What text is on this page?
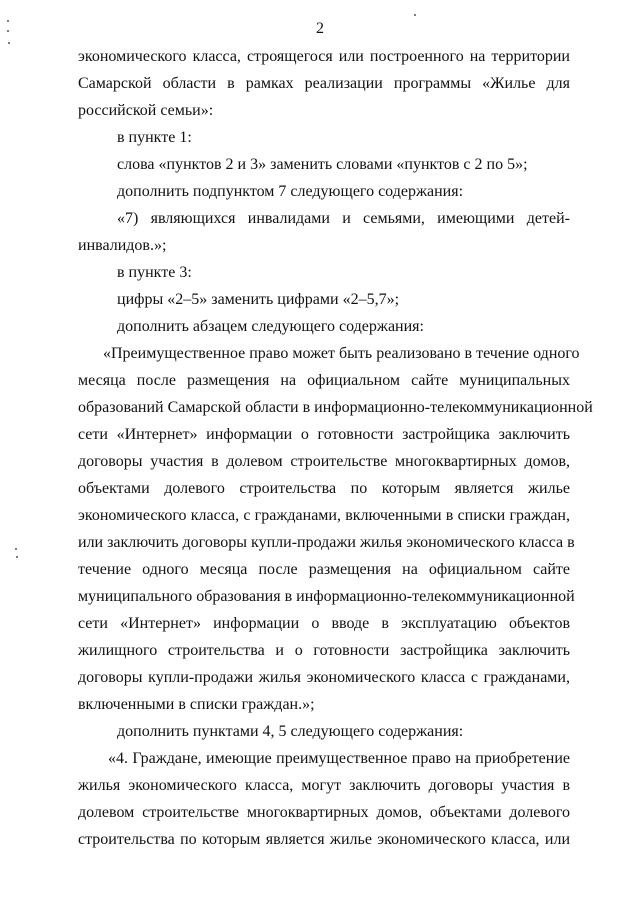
2
экономического класса, строящегося или построенного на территории
Самарской области в рамках реализации программы «Жилье для
российской семьи»:
в пункте 1:
слова «пунктов 2 и 3» заменить словами «пунктов с 2 по 5»;
дополнить подпунктом 7 следующего содержания:
«7) являющихся инвалидами и семьями, имеющими детей-
инвалидов.»;
в пункте 3:
цифры «2–5» заменить цифрами «2–5,7»;
дополнить абзацем следующего содержания:
«Преимущественное право может быть реализовано в течение одного
месяца после размещения на официальном сайте муниципальных
образований Самарской области в информационно-телекоммуникационной
сети «Интернет» информации о готовности застройщика заключить
договоры участия в долевом строительстве многоквартирных домов,
объектами долевого строительства по которым является жилье
экономического класса, с гражданами, включенными в списки граждан,
или заключить договоры купли-продажи жилья экономического класса в
течение одного месяца после размещения на официальном сайте
муниципального образования в информационно-телекоммуникационной
сети «Интернет» информации о вводе в эксплуатацию объектов
жилищного строительства и о готовности застройщика заключить
договоры купли-продажи жилья экономического класса с гражданами,
включенными в списки граждан.»;
дополнить пунктами 4, 5 следующего содержания:
«4. Граждане, имеющие преимущественное право на приобретение
жилья экономического класса, могут заключить договоры участия в
долевом строительстве многоквартирных домов, объектами долевого
строительства по которым является жилье экономического класса, или
